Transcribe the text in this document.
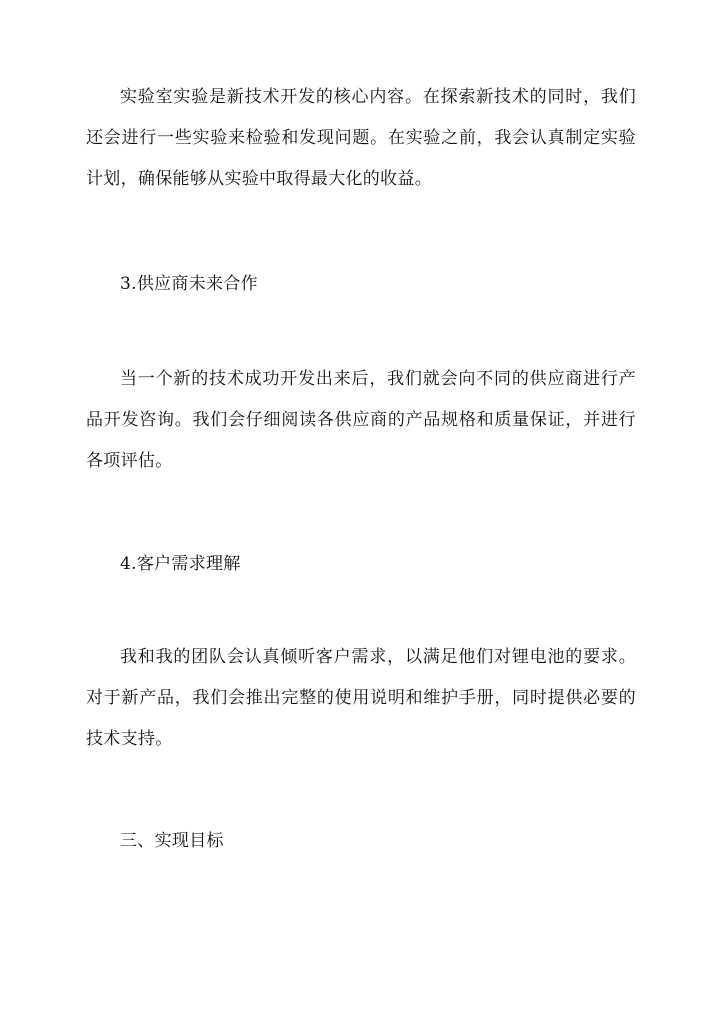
实验室实验是新技术开发的核心内容。在探索新技术的同时，我们还会进行一些实验来检验和发现问题。在实验之前，我会认真制定实验计划，确保能够从实验中取得最大化的收益。

3.供应商未来合作

当一个新的技术成功开发出来后，我们就会向不同的供应商进行产品开发咨询。我们会仔细阅读各供应商的产品规格和质量保证，并进行各项评估。

4.客户需求理解

我和我的团队会认真倾听客户需求，以满足他们对锂电池的要求。对于新产品，我们会推出完整的使用说明和维护手册，同时提供必要的技术支持。

三、实现目标
